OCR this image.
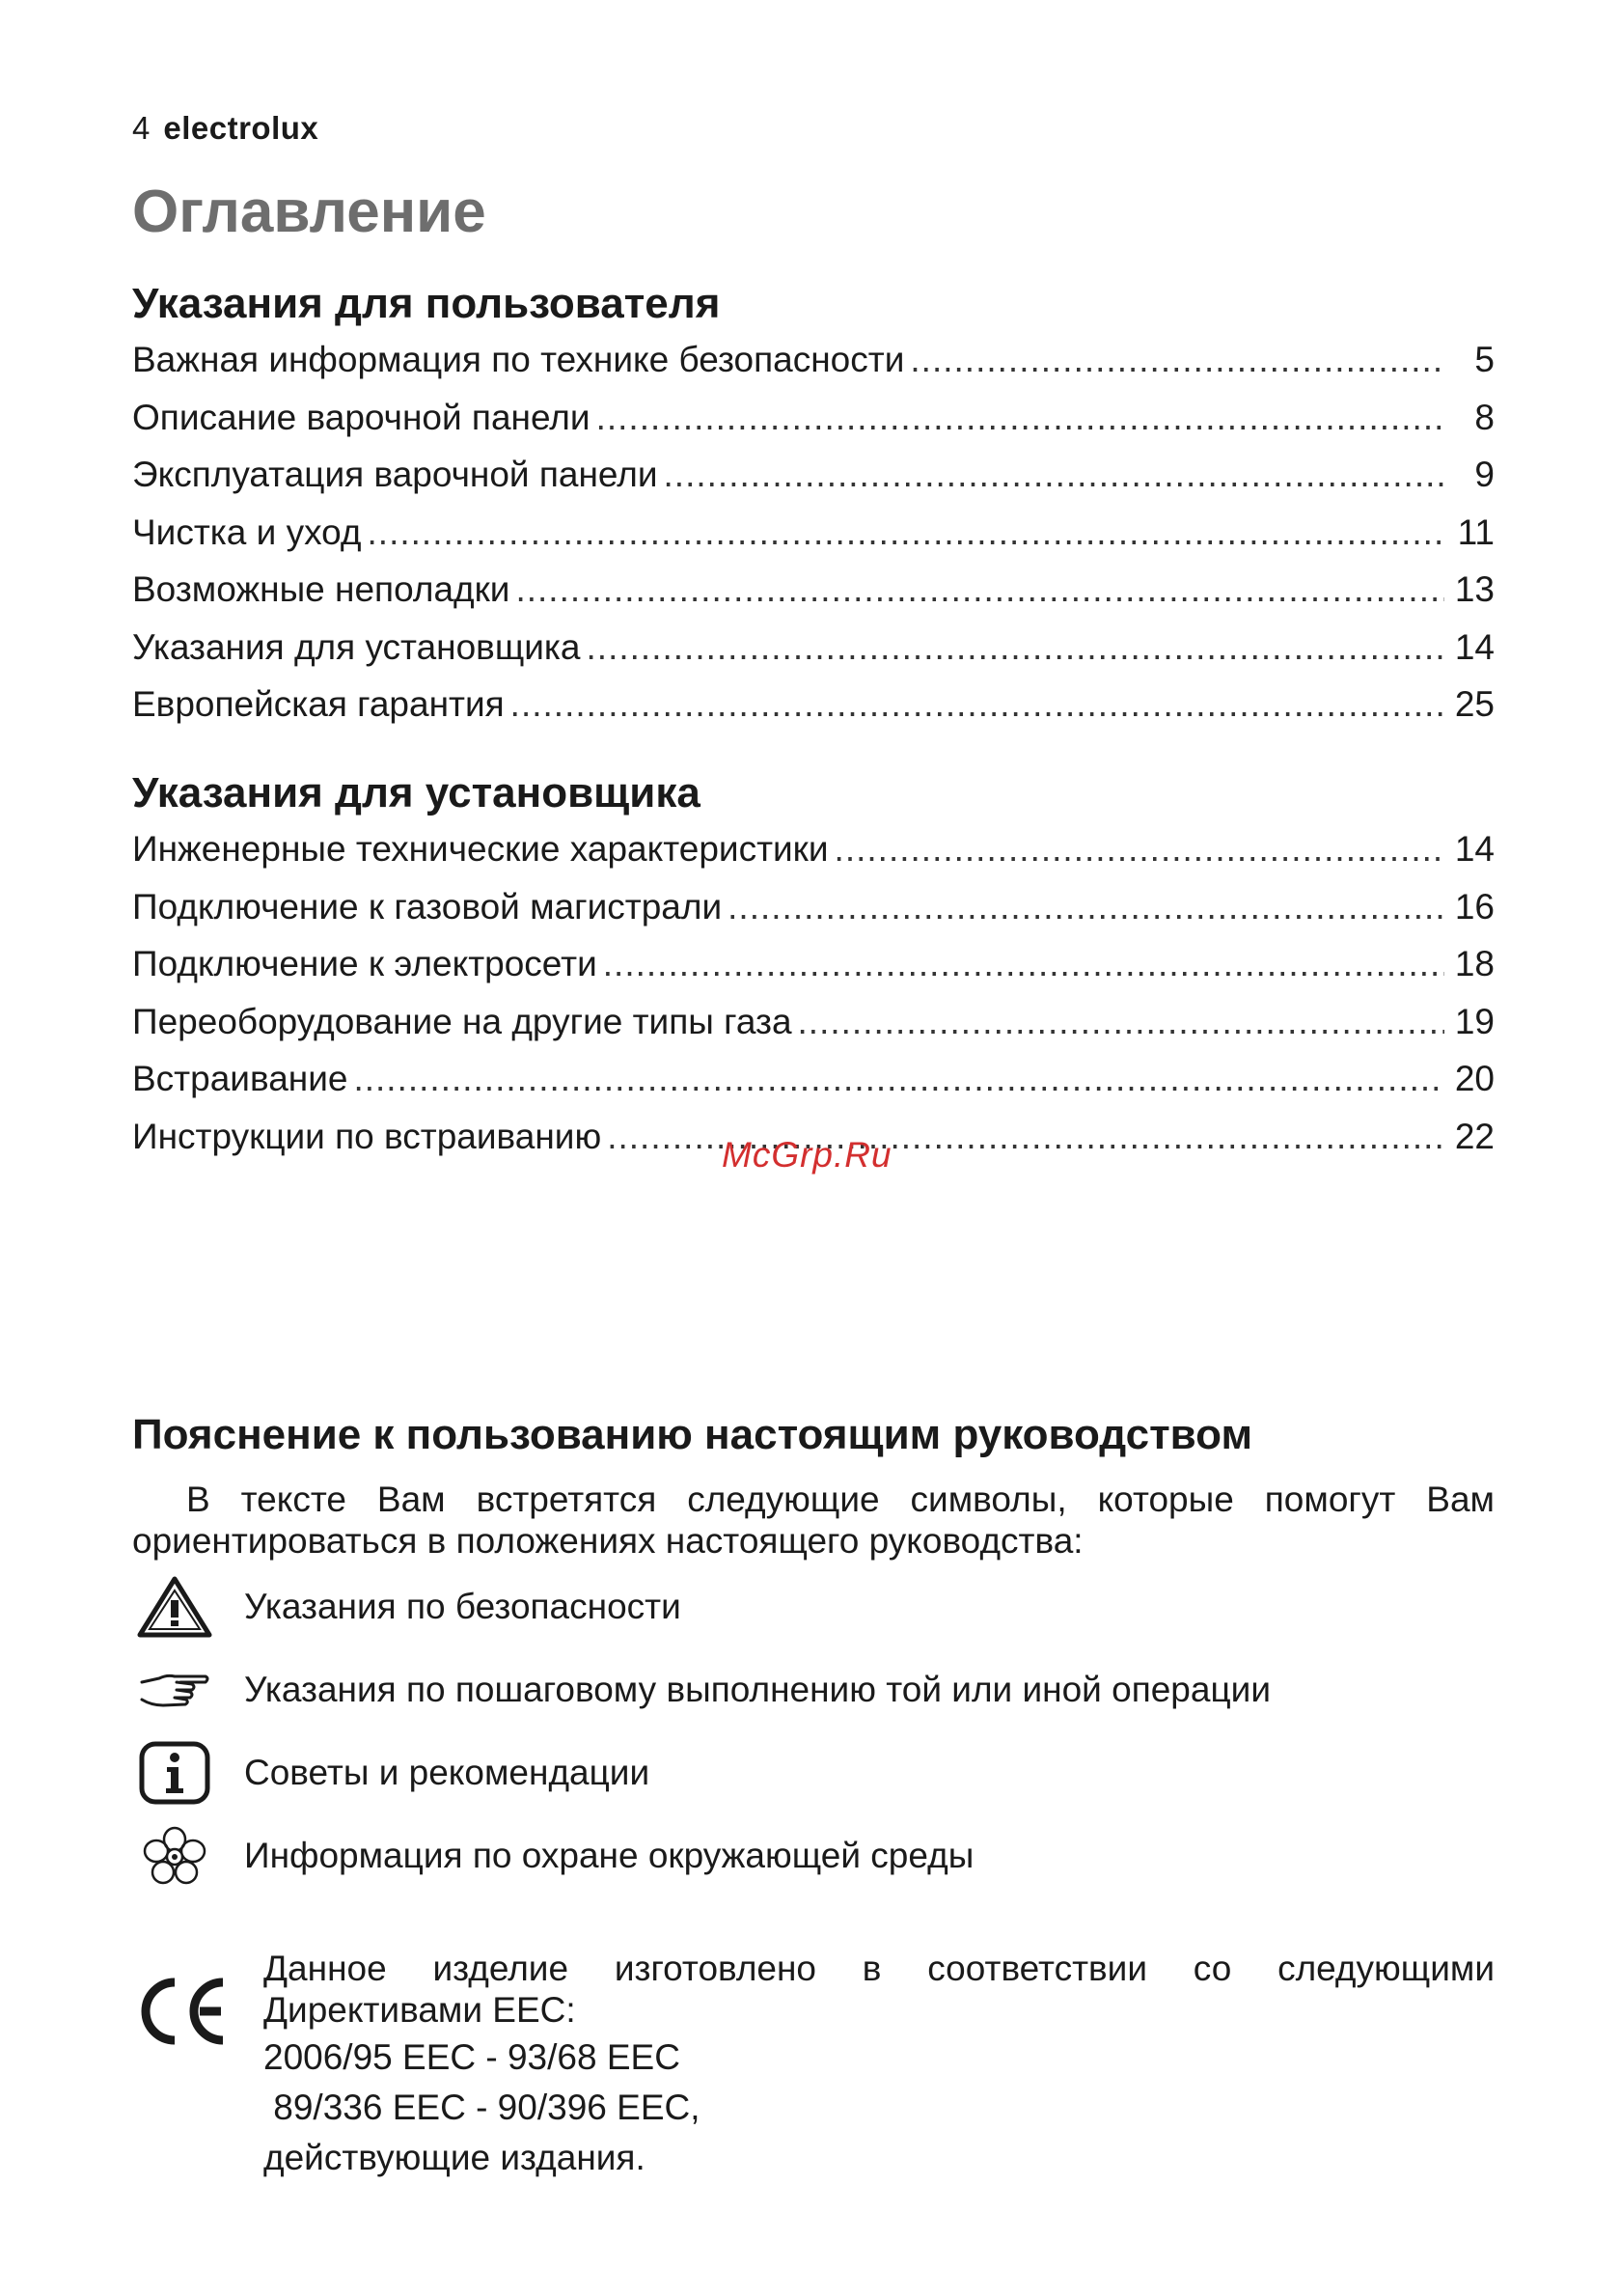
4 electrolux
Оглавление
Указания для пользователя
Важная информация по технике безопасности .....	5
Описание варочной панели .....	8
Эксплуатация варочной панели .....	9
Чистка и уход .....	11
Возможные неполадки .....	13
Указания для установщика .....	14
Европейская гарантия .....	25
Указания для установщика
Инженерные технические характеристики .....	14
Подключение к газовой магистрали .....	16
Подключение к электросети .....	18
Переоборудование на другие типы газа .....	19
Встраивание .....	20
Инструкции по встраиванию .....	22
McGrp.Ru
Пояснение к пользованию настоящим руководством

В тексте Вам встретятся следующие символы, которые помогут Вам ориентироваться в положениях настоящего руководства:

Указания по безопасности
Указания по пошаговому выполнению той или иной операции
Советы и рекомендации
Информация по охране окружающей среды

Данное изделие изготовлено в соответствии со следующими

Директивами EEC:

2006/95 EEC - 93/68 EEC

89/336 EEC - 90/396 EEC,

действующие издания.
